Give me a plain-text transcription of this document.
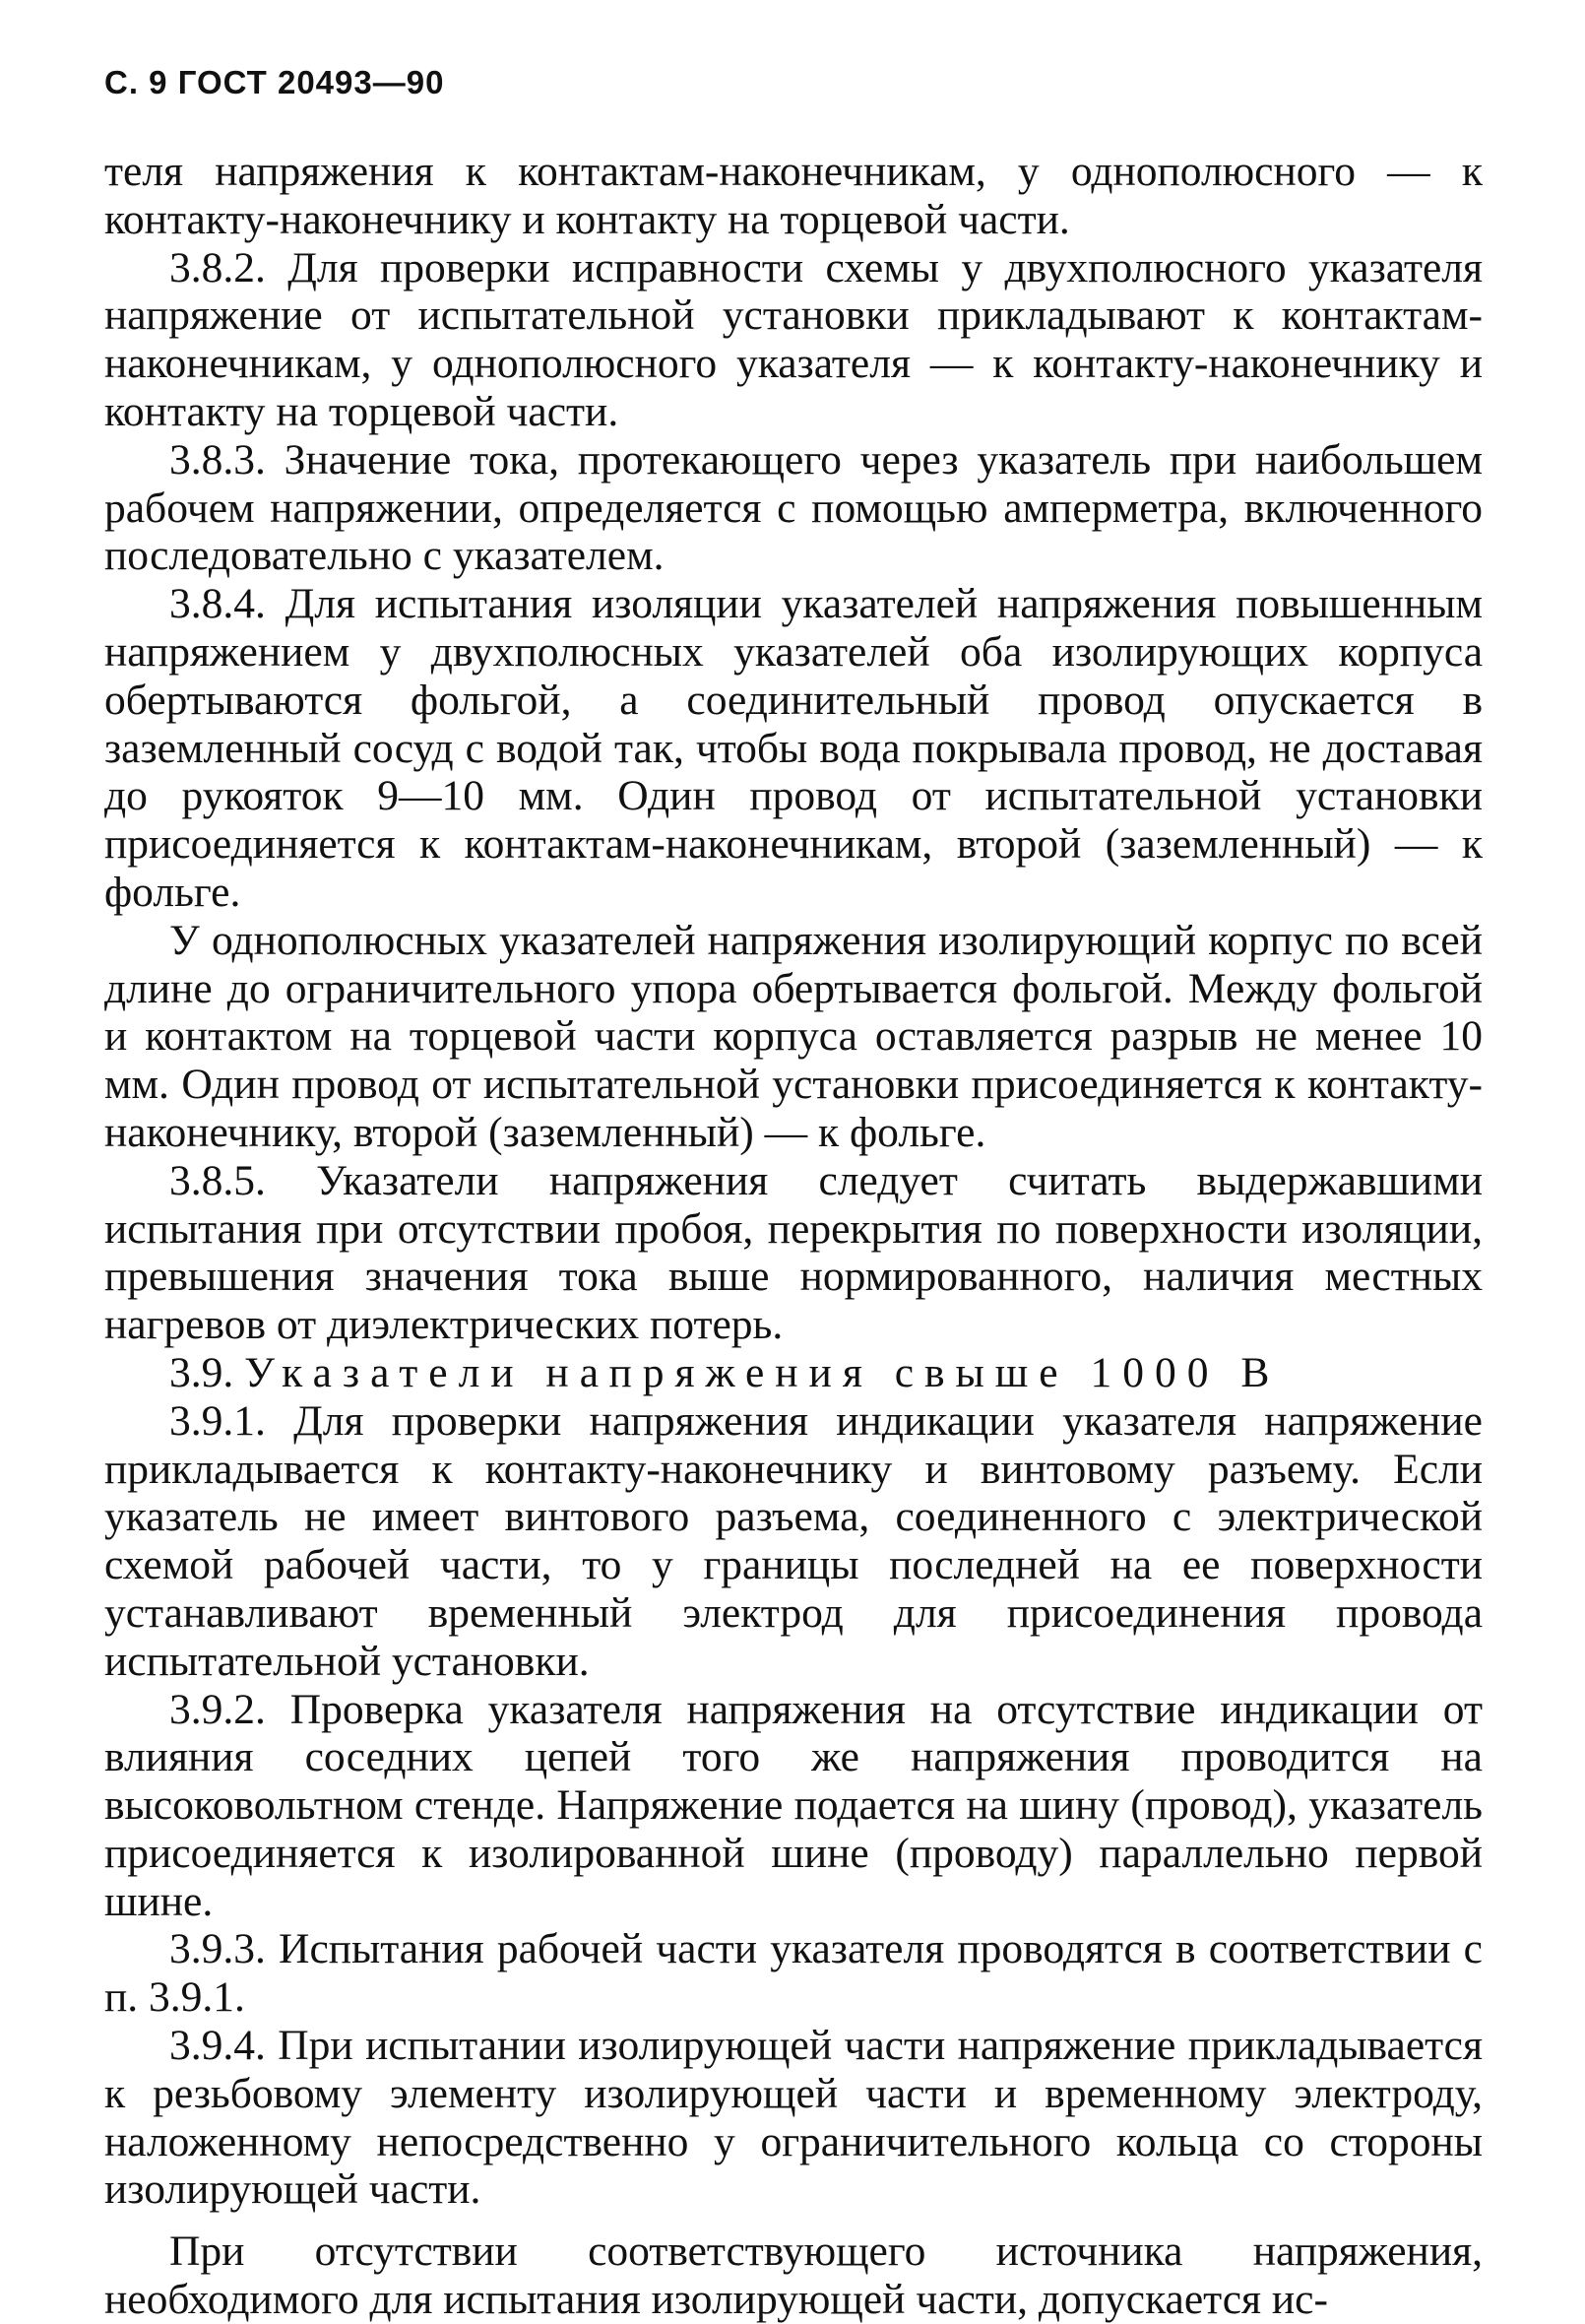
С. 9 ГОСТ 20493—90

теля напряжения к контактам-наконечникам, у однополюсного — к контакту-наконечнику и контакту на торцевой части.

3.8.2. Для проверки исправности схемы у двухполюсного указателя напряжение от испытательной установки прикладывают к контактам-наконечникам, у однополюсного указателя — к контакту-наконечнику и контакту на торцевой части.

3.8.3. Значение тока, протекающего через указатель при наибольшем рабочем напряжении, определяется с помощью амперметра, включенного последовательно с указателем.

3.8.4. Для испытания изоляции указателей напряжения повышенным напряжением у двухполюсных указателей оба изолирующих корпуса обертываются фольгой, а соединительный провод опускается в заземленный сосуд с водой так, чтобы вода покрывала провод, не доставая до рукояток 9—10 мм. Один провод от испытательной установки присоединяется к контактам-наконечникам, второй (заземленный) — к фольге.

У однополюсных указателей напряжения изолирующий корпус по всей длине до ограничительного упора обертывается фольгой. Между фольгой и контактом на торцевой части корпуса оставляется разрыв не менее 10 мм. Один провод от испытательной установки присоединяется к контакту-наконечнику, второй (заземленный) — к фольге.

3.8.5. Указатели напряжения следует считать выдержавшими испытания при отсутствии пробоя, перекрытия по поверхности изоляции, превышения значения тока выше нормированного, наличия местных нагревов от диэлектрических потерь.

3.9. Указатели напряжения свыше 1000 В

3.9.1. Для проверки напряжения индикации указателя напряжение прикладывается к контакту-наконечнику и винтовому разъему. Если указатель не имеет винтового разъема, соединенного с электрической схемой рабочей части, то у границы последней на ее поверхности устанавливают временный электрод для присоединения провода испытательной установки.

3.9.2. Проверка указателя напряжения на отсутствие индикации от влияния соседних цепей того же напряжения проводится на высоковольтном стенде. Напряжение подается на шину (провод), указатель присоединяется к изолированной шине (проводу) параллельно первой шине.

3.9.3. Испытания рабочей части указателя проводятся в соответствии с п. 3.9.1.

3.9.4. При испытании изолирующей части напряжение прикладывается к резьбовому элементу изолирующей части и временному электроду, наложенному непосредственно у ограничительного кольца со стороны изолирующей части.

При отсутствии соответствующего источника напряжения, необходимого для испытания изолирующей части, допускается ис-
